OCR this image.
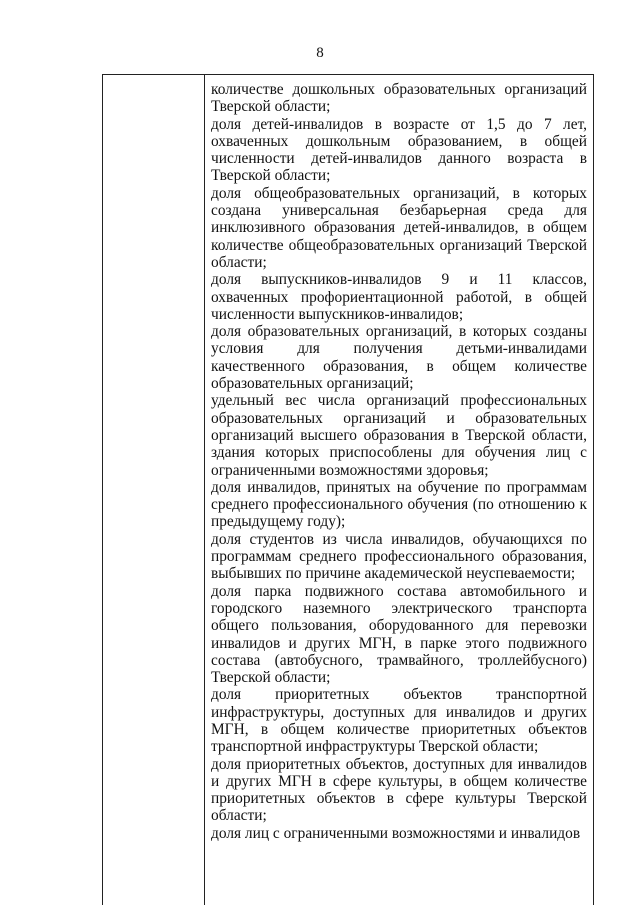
8

количестве дошкольных образовательных организаций Тверской области;

доля детей-инвалидов в возрасте от 1,5 до 7 лет, охваченных дошкольным образованием, в общей численности детей-инвалидов данного возраста в Тверской области;

доля общеобразовательных организаций, в которых создана универсальная безбарьерная среда для инклюзивного образования детей-инвалидов, в общем количестве общеобразовательных организаций Тверской области;

доля выпускников-инвалидов 9 и 11 классов, охваченных профориентационной работой, в общей численности выпускников-инвалидов;

доля образовательных организаций, в которых созданы условия для получения детьми-инвалидами качественного образования, в общем количестве образовательных организаций;

удельный вес числа организаций профессиональных образовательных организаций и образовательных организаций высшего образования в Тверской области, здания которых приспособлены для обучения лиц с ограниченными возможностями здоровья;

доля инвалидов, принятых на обучение по программам среднего профессионального обучения (по отношению к предыдущему году);

доля студентов из числа инвалидов, обучающихся по программам среднего профессионального образования, выбывших по причине академической неуспеваемости;

доля парка подвижного состава автомобильного и городского наземного электрического транспорта общего пользования, оборудованного для перевозки инвалидов и других МГН, в парке этого подвижного состава (автобусного, трамвайного, троллейбусного) Тверской области;

доля приоритетных объектов транспортной инфраструктуры, доступных для инвалидов и других МГН, в общем количестве приоритетных объектов транспортной инфраструктуры Тверской области;

доля приоритетных объектов, доступных для инвалидов и других МГН в сфере культуры, в общем количестве приоритетных объектов в сфере культуры Тверской области;

доля лиц с ограниченными возможностями и инвалидов
